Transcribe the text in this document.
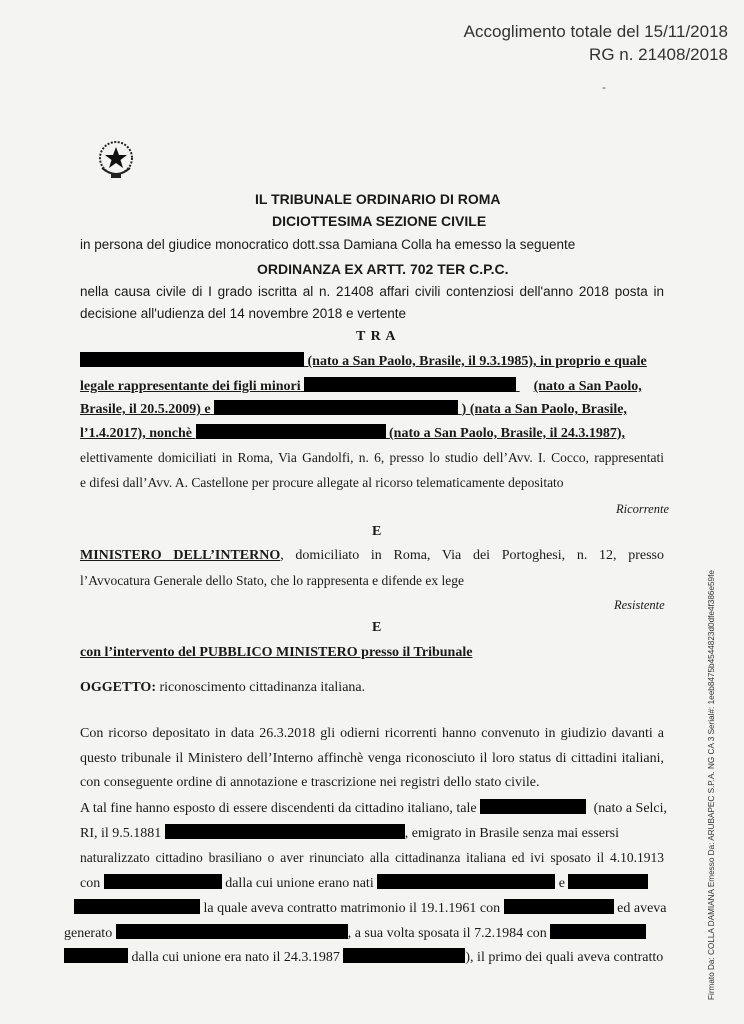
Accoglimento totale del 15/11/2018
RG n. 21408/2018
-
IL TRIBUNALE ORDINARIO DI ROMA
DICIOTTESIMA SEZIONE CIVILE
in persona del giudice monocratico dott.ssa Damiana Colla ha emesso la seguente
ORDINANZA EX ARTT. 702 TER C.P.C.
nella causa civile di I grado iscritta al n. 21408 affari civili contenziosi dell'anno 2018 posta in
decisione all'udienza del 14 novembre 2018 e vertente
T R A
(nato a San Paolo, Brasile, il 9.3.1985), in proprio e quale
legale rappresentante dei figli minori	(nato a San Paolo,
Brasile, il 20.5.2009) e	) (nata a San Paolo, Brasile,
l’1.4.2017), nonchè	(nato a San Paolo, Brasile, il 24.3.1987),
elettivamente domiciliati in Roma, Via Gandolfi, n. 6, presso lo studio dell’Avv. I. Cocco, rappresentati
e difesi dall’Avv. A. Castellone per procure allegate al ricorso telematicamente depositato
Ricorrente
E
MINISTERO DELL’INTERNO, domiciliato in Roma, Via dei Portoghesi, n. 12, presso
l’Avvocatura Generale dello Stato, che lo rappresenta e difende ex lege
Resistente
E
con l’intervento del PUBBLICO MINISTERO presso il Tribunale
OGGETTO: riconoscimento cittadinanza italiana.
Con ricorso depositato in data 26.3.2018 gli odierni ricorrenti hanno convenuto in giudizio davanti a
questo tribunale il Ministero dell’Interno affinchè venga riconosciuto il loro status di cittadini italiani,
con conseguente ordine di annotazione e trascrizione nei registri dello stato civile.
A tal fine hanno esposto di essere discendenti da cittadino italiano, tale	(nato a Selci,
RI, il 9.5.1881	, emigrato in Brasile senza mai essersi
naturalizzato cittadino brasiliano o aver rinunciato alla cittadinanza italiana ed ivi sposato il 4.10.1913
con	dalla cui unione erano nati	e
la quale aveva contratto matrimonio il 19.1.1961 con	ed aveva
generato	, a sua volta sposata il 7.2.1984 con
dalla cui unione era nato il 24.3.1987	), il primo dei quali aveva contratto	Firmato Da: COLLA DAMIANA Emesso Da: ARUBAPEC S.P.A. NG CA 3 Serial#: 1eeb8475b4544823d0dfe4f386e59fe
